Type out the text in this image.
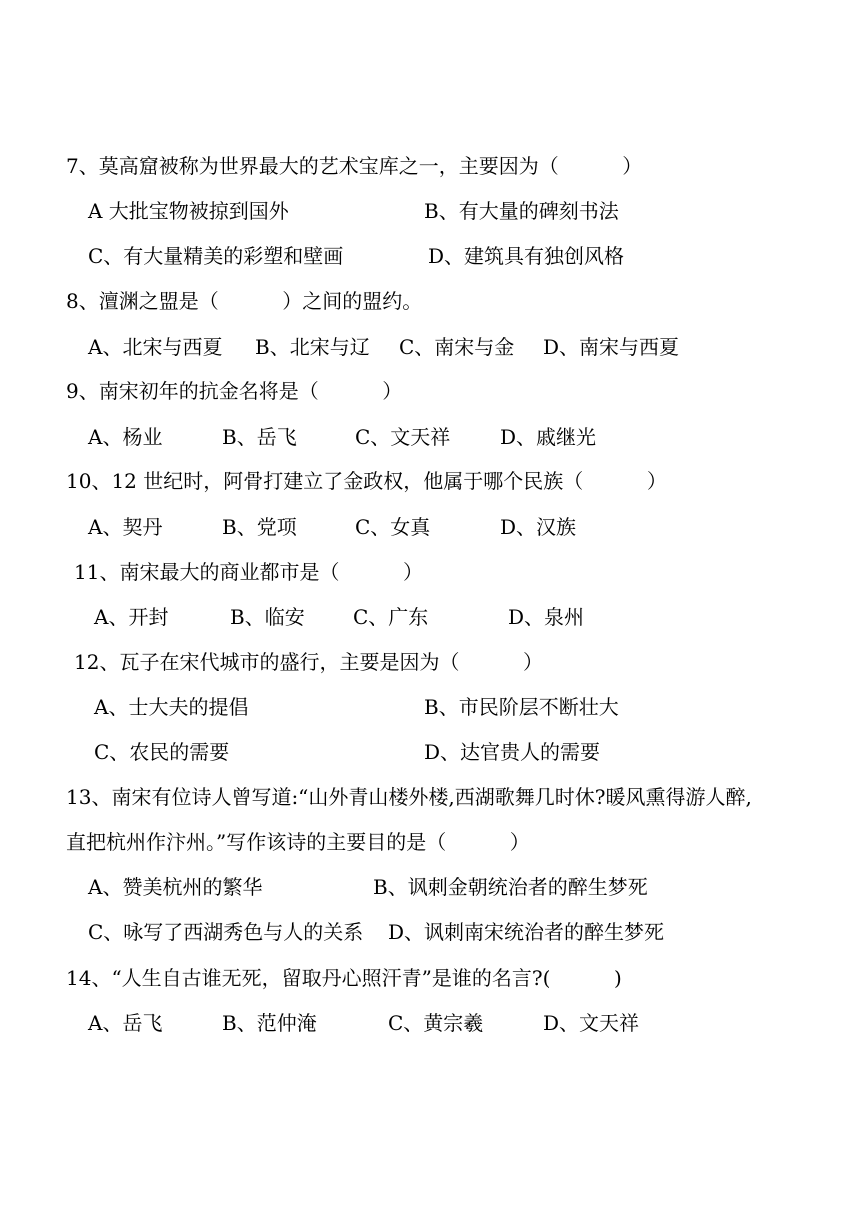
7、莫高窟被称为世界最大的艺术宝库之一，主要因为（          ）

A 大批宝物被掠到国外

	B、有大量的碑刻书法

C、有大量精美的彩塑和壁画

	D、建筑具有独创风格

8、澶渊之盟是（          ）之间的盟约。

A、北宋与西夏

B、北宋与辽

C、南宋与金

D、南宋与西夏

9、南宋初年的抗金名将是（          ）

A、杨业

	B、岳飞

	C、文天祥

D、戚继光

10、12 世纪时，阿骨打建立了金政权，他属于哪个民族（          ）

A、契丹

	B、党项

	C、女真

	D、汉族

11、南宋最大的商业都市是（          ）

A、开封

	B、临安

C、广东

	D、泉州

12、瓦子在宋代城市的盛行，主要是因为（          ）

A、士大夫的提倡

	B、市民阶层不断壮大

C、农民的需要

	D、达官贵人的需要

13、南宋有位诗人曾写道:“山外青山楼外楼,西湖歌舞几时休?暖风熏得游人醉,
直把杭州作汴州。”写作该诗的主要目的是（          ）

A、赞美杭州的繁华

	B、讽刺金朝统治者的醉生梦死

C、咏写了西湖秀色与人的关系

D、讽刺南宋统治者的醉生梦死

14、“人生自古谁无死，留取丹心照汗青”是谁的名言?(          )

A、岳飞

	B、范仲淹

	C、黄宗羲

	D、文天祥
